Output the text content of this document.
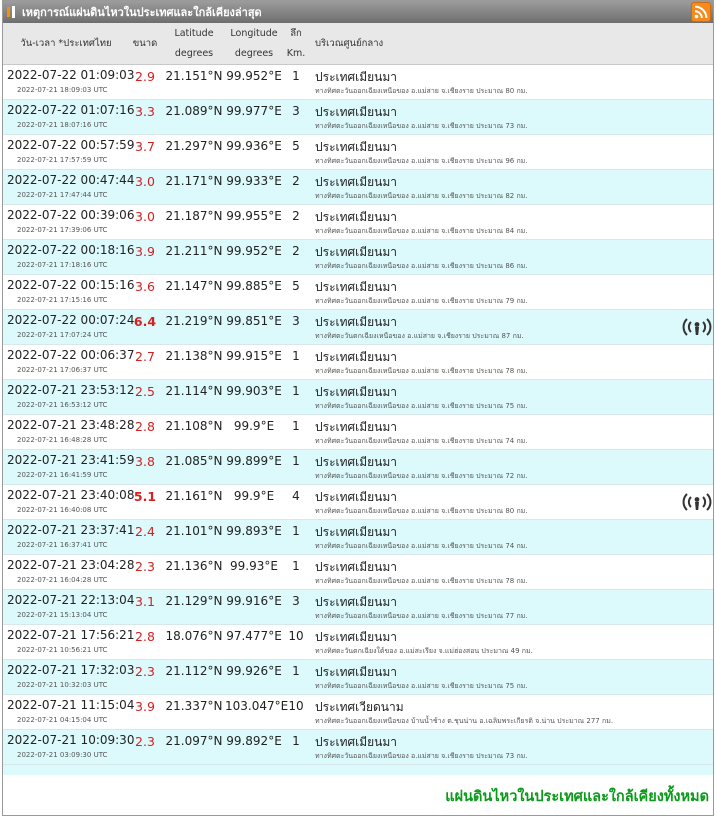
เหตุการณ์แผ่นดินไหวในประเทศและใกล้เคียงล่าสุด
วัน-เวลา *ประเทศไทย	ขนาด
Latitude
degrees
Longitude
degrees
ลึก
Km.
บริเวณศูนย์กลาง
2022-07-22 01:09:03
2022-07-21 18:09:03 UTC
2.9 21.151°N 99.952°E 1	ประเทศเมียนมา
ทางทิศตะวันออกเฉียงเหนือของ อ.แม่สาย จ.เชียงราย ประมาณ 80 กม.
2022-07-22 01:07:16
2022-07-21 18:07:16 UTC
3.3 21.089°N 99.977°E 3	ประเทศเมียนมา
ทางทิศตะวันออกเฉียงเหนือของ อ.แม่สาย จ.เชียงราย ประมาณ 73 กม.
2022-07-22 00:57:59
2022-07-21 17:57:59 UTC
3.7 21.297°N 99.936°E 5	ประเทศเมียนมา
ทางทิศตะวันออกเฉียงเหนือของ อ.แม่สาย จ.เชียงราย ประมาณ 96 กม.
2022-07-22 00:47:44
2022-07-21 17:47:44 UTC
3.0 21.171°N 99.933°E 2	ประเทศเมียนมา
ทางทิศตะวันออกเฉียงเหนือของ อ.แม่สาย จ.เชียงราย ประมาณ 82 กม.
2022-07-22 00:39:06
2022-07-21 17:39:06 UTC
3.0 21.187°N 99.955°E 2	ประเทศเมียนมา
ทางทิศตะวันออกเฉียงเหนือของ อ.แม่สาย จ.เชียงราย ประมาณ 84 กม.
2022-07-22 00:18:16
2022-07-21 17:18:16 UTC
3.9 21.211°N 99.952°E 2	ประเทศเมียนมา
ทางทิศตะวันออกเฉียงเหนือของ อ.แม่สาย จ.เชียงราย ประมาณ 86 กม.
2022-07-22 00:15:16
2022-07-21 17:15:16 UTC
3.6 21.147°N 99.885°E 5	ประเทศเมียนมา
ทางทิศตะวันออกเฉียงเหนือของ อ.แม่สาย จ.เชียงราย ประมาณ 79 กม.
2022-07-22 00:07:24
2022-07-21 17:07:24 UTC
6.4 21.219°N 99.851°E 3	ประเทศเมียนมา
ทางทิศตะวันตกเฉียงเหนือของ อ.แม่สาย จ.เชียงราย ประมาณ 87 กม.
2022-07-22 00:06:37
2022-07-21 17:06:37 UTC
2.7 21.138°N 99.915°E 1	ประเทศเมียนมา
ทางทิศตะวันออกเฉียงเหนือของ อ.แม่สาย จ.เชียงราย ประมาณ 78 กม.
2022-07-21 23:53:12
2022-07-21 16:53:12 UTC
2.5 21.114°N 99.903°E 1	ประเทศเมียนมา
ทางทิศตะวันออกเฉียงเหนือของ อ.แม่สาย จ.เชียงราย ประมาณ 75 กม.
2022-07-21 23:48:28
2022-07-21 16:48:28 UTC
2.8 21.108°N 99.9°E	1	ประเทศเมียนมา
ทางทิศตะวันออกเฉียงเหนือของ อ.แม่สาย จ.เชียงราย ประมาณ 74 กม.
2022-07-21 23:41:59
2022-07-21 16:41:59 UTC
3.8 21.085°N 99.899°E 1	ประเทศเมียนมา
ทางทิศตะวันออกเฉียงเหนือของ อ.แม่สาย จ.เชียงราย ประมาณ 72 กม.
2022-07-21 23:40:08
2022-07-21 16:40:08 UTC
5.1 21.161°N 99.9°E	4	ประเทศเมียนมา
ทางทิศตะวันออกเฉียงเหนือของ อ.แม่สาย จ.เชียงราย ประมาณ 80 กม.
2022-07-21 23:37:41
2022-07-21 16:37:41 UTC
2.4 21.101°N 99.893°E 1	ประเทศเมียนมา
ทางทิศตะวันออกเฉียงเหนือของ อ.แม่สาย จ.เชียงราย ประมาณ 74 กม.
2022-07-21 23:04:28
2022-07-21 16:04:28 UTC
2.3 21.136°N 99.93°E	1	ประเทศเมียนมา
ทางทิศตะวันออกเฉียงเหนือของ อ.แม่สาย จ.เชียงราย ประมาณ 78 กม.
2022-07-21 22:13:04
2022-07-21 15:13:04 UTC
3.1 21.129°N 99.916°E 3	ประเทศเมียนมา
ทางทิศตะวันออกเฉียงเหนือของ อ.แม่สาย จ.เชียงราย ประมาณ 77 กม.
2022-07-21 17:56:21
2022-07-21 10:56:21 UTC
2.8 18.076°N 97.477°E 10 ประเทศเมียนมา
ทางทิศตะวันตกเฉียงใต้ของ อ.แม่สะเรียง จ.แม่ฮ่องสอน ประมาณ 49 กม.
2022-07-21 17:32:03
2022-07-21 10:32:03 UTC
2.3 21.112°N 99.926°E 1	ประเทศเมียนมา
ทางทิศตะวันออกเฉียงเหนือของ อ.แม่สาย จ.เชียงราย ประมาณ 75 กม.
2022-07-21 11:15:04
2022-07-21 04:15:04 UTC
3.9 21.337°N 103.047°E 10 ประเทศเวียดนาม
ทางทิศตะวันออกเฉียงเหนือของ บ้านน้ำช้าง ต.ชุนน่าน อ.เฉลิมพระเกียรติ จ.น่าน ประมาณ 277 กม.
2022-07-21 10:09:30
2022-07-21 03:09:30 UTC
2.3 21.097°N 99.892°E 1	ประเทศเมียนมา
ทางทิศตะวันออกเฉียงเหนือของ อ.แม่สาย จ.เชียงราย ประมาณ 73 กม.
แผ่นดินไหวในประเทศและใกล้เคียงทั้งหมด
